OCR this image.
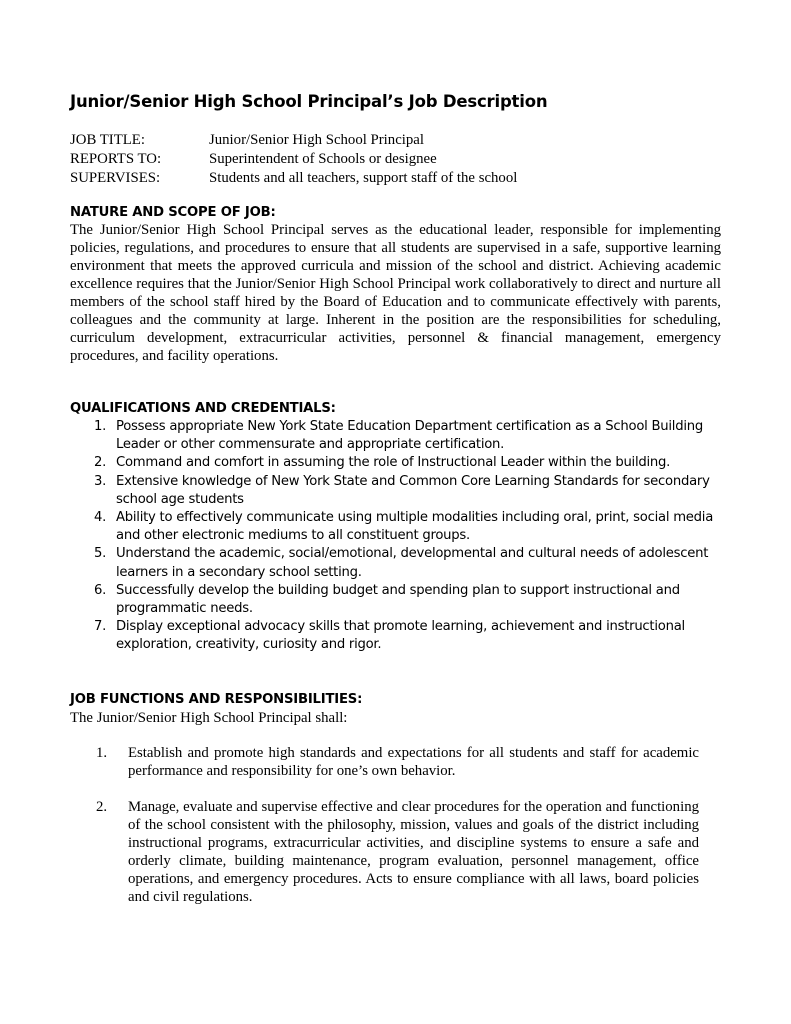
Junior/Senior High School Principal’s Job Description
JOB TITLE:	Junior/Senior High School Principal
REPORTS TO:	Superintendent of Schools or designee
SUPERVISES:	Students and all teachers, support staff of the school
NATURE AND SCOPE OF JOB:
The Junior/Senior High School Principal serves as the educational leader, responsible for implementing policies, regulations, and procedures to ensure that all students are supervised in a safe, supportive learning environment that meets the approved curricula and mission of the school and district. Achieving academic excellence requires that the Junior/Senior High School Principal work collaboratively to direct and nurture all members of the school staff hired by the Board of Education and to communicate effectively with parents, colleagues and the community at large. Inherent in the position are the responsibilities for scheduling, curriculum development, extracurricular activities, personnel & financial management, emergency procedures, and facility operations.
QUALIFICATIONS AND CREDENTIALS:
1. Possess appropriate New York State Education Department certification as a School Building Leader or other commensurate and appropriate certification.
2. Command and comfort in assuming the role of Instructional Leader within the building.
3. Extensive knowledge of New York State and Common Core Learning Standards for secondary school age students
4. Ability to effectively communicate using multiple modalities including oral, print, social media and other electronic mediums to all constituent groups.
5. Understand the academic, social/emotional, developmental and cultural needs of adolescent learners in a secondary school setting.
6. Successfully develop the building budget and spending plan to support instructional and programmatic needs.
7. Display exceptional advocacy skills that promote learning, achievement and instructional exploration, creativity, curiosity and rigor.
JOB FUNCTIONS AND RESPONSIBILITIES:
The Junior/Senior High School Principal shall:
1.	Establish and promote high standards and expectations for all students and staff for academic performance and responsibility for one’s own behavior.
2.	Manage, evaluate and supervise effective and clear procedures for the operation and functioning of the school consistent with the philosophy, mission, values and goals of the district including instructional programs, extracurricular activities, and discipline systems to ensure a safe and orderly climate, building maintenance, program evaluation, personnel management, office operations, and emergency procedures. Acts to ensure compliance with all laws, board policies and civil regulations.
